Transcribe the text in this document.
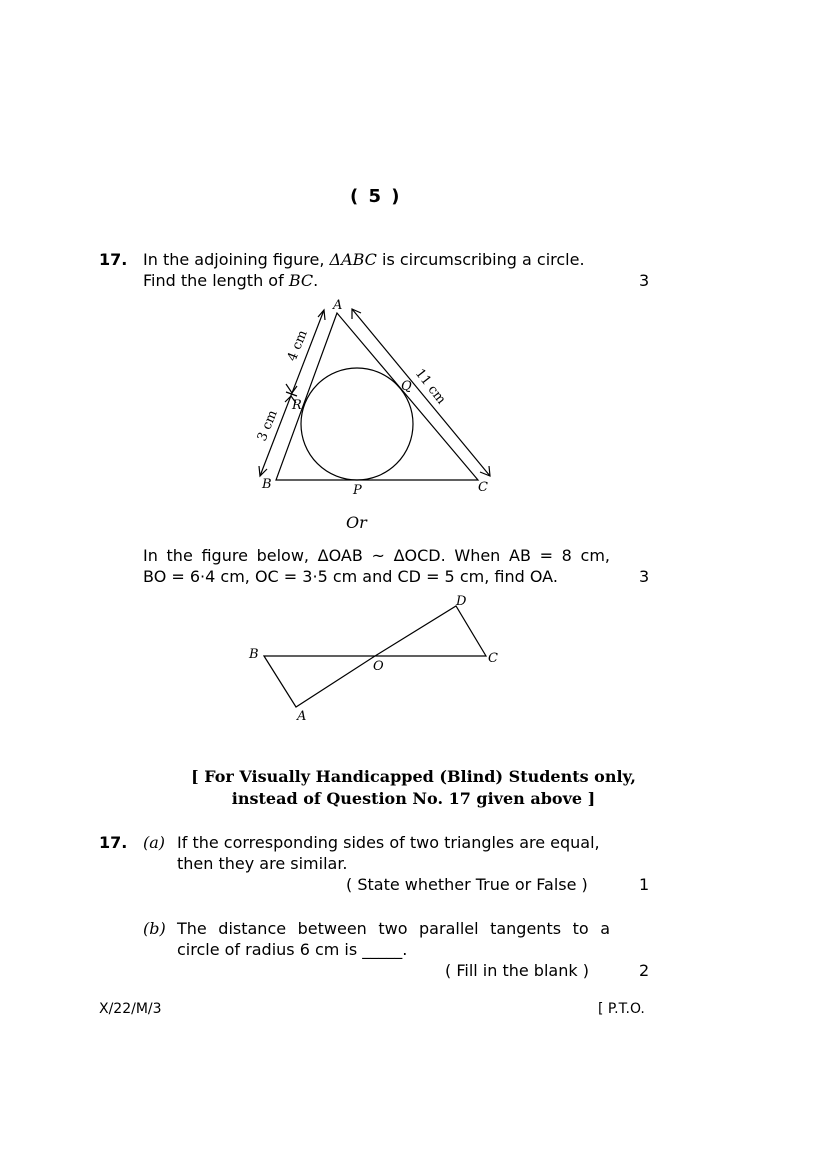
( 5 )
17. In the adjoining figure, ΔABC is circumscribing a circle.
Find the length of BC.	3
A
B	C
P
Q
R
4 cm
3 cm
11 cm
Or
In the figure below, ΔOAB ~ ΔOCD. When AB = 8 cm,
BO = 6·4 cm, OC = 3·5 cm and CD = 5 cm, find OA.	3
B
A
O
C
D
[ For Visually Handicapped (Blind) Students only,
instead of Question No. 17 given above ]
17. (a) If the corresponding sides of two triangles are equal,
then they are similar.
( State whether True or False )	1
(b) The distance between two parallel tangents to a
circle of radius 6 cm is _____.
( Fill in the blank )	2
X/22/M/3	[ P.T.O.
